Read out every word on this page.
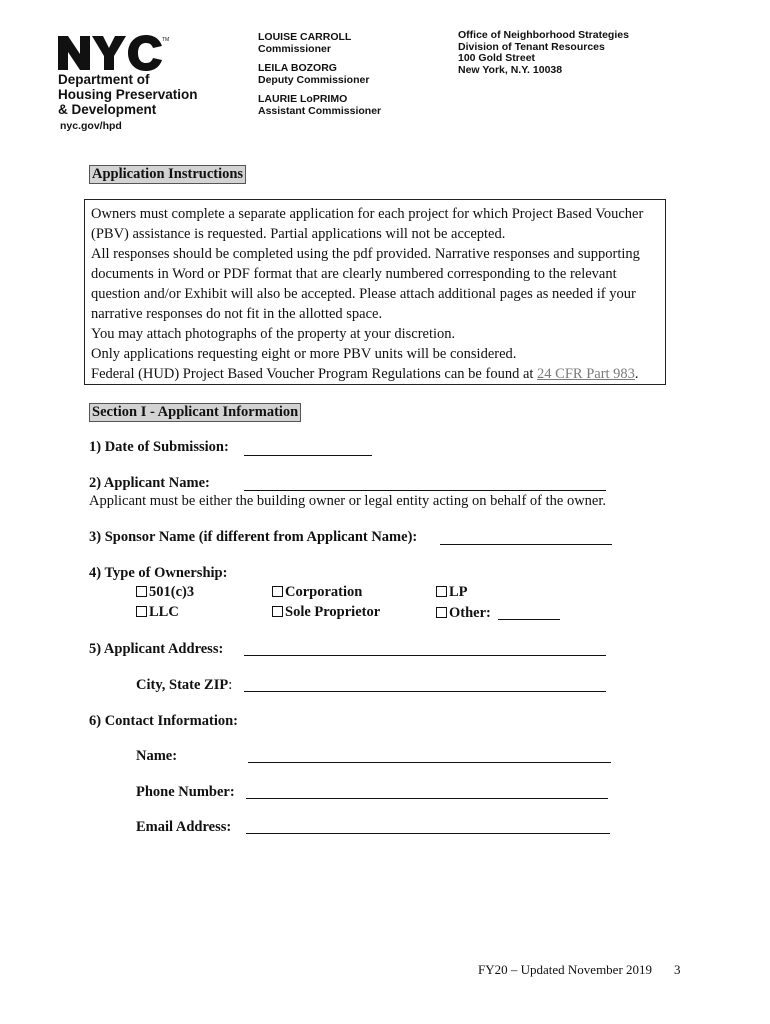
TM
Department of
Housing Preservation
& Development
nyc.gov/hpd
LOUISE CARROLL
Commissioner
LEILA BOZORG
Deputy Commissioner
LAURIE LoPRIMO
Assistant Commissioner
Office of Neighborhood Strategies
Division of Tenant Resources
100 Gold Street
New York, N.Y. 10038
Application Instructions
Owners must complete a separate application for each project for which Project Based Voucher
(PBV) assistance is requested. Partial applications will not be accepted.
All responses should be completed using the pdf provided. Narrative responses and supporting
documents in Word or PDF format that are clearly numbered corresponding to the relevant
question and/or Exhibit will also be accepted. Please attach additional pages as needed if your
narrative responses do not fit in the allotted space.
You may attach photographs of the property at your discretion.
Only applications requesting eight or more PBV units will be considered.
Federal (HUD) Project Based Voucher Program Regulations can be found at 24 CFR Part 983.
Section I - Applicant Information
1) Date of Submission:
2) Applicant Name:
Applicant must be either the building owner or legal entity acting on behalf of the owner.
3) Sponsor Name (if different from Applicant Name):
4) Type of Ownership:
501(c)3
LLC
Corporation
Sole Proprietor
LP
Other:
5) Applicant Address:
City, State ZIP:
6) Contact Information:
Name:
Phone Number:
Email Address:
FY20 – Updated November 2019 3
